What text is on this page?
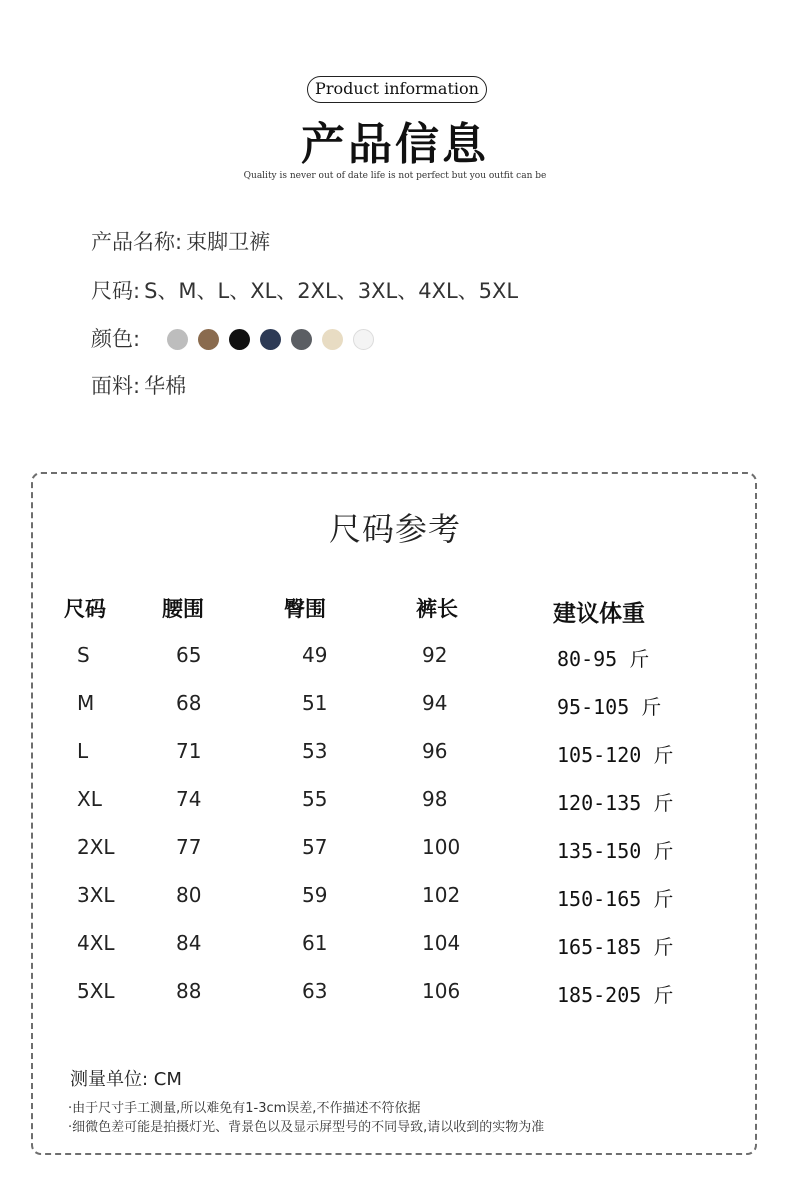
Product information
产品信息
Quality is never out of date life is not perfect but you outfit can be
产品名称: 束脚卫裤
尺码: S、M、L、XL、2XL、3XL、4XL、5XL
颜色:
面料: 华棉
尺码参考
尺码	腰围	臀围	裤长	建议体重
S	65	49	92	80-95 斤
M	68	51	94	95-105 斤
L	71	53	96	105-120 斤
XL	74	55	98	120-135 斤
2XL	77	57	100	135-150 斤
3XL	80	59	102	150-165 斤
4XL	84	61	104	165-185 斤
5XL	88	63	106	185-205 斤
测量单位: CM
·由于尺寸手工测量,所以难免有1-3cm误差,不作描述不符依据
·细微色差可能是拍摄灯光、背景色以及显示屏型号的不同导致,请以收到的实物为准
